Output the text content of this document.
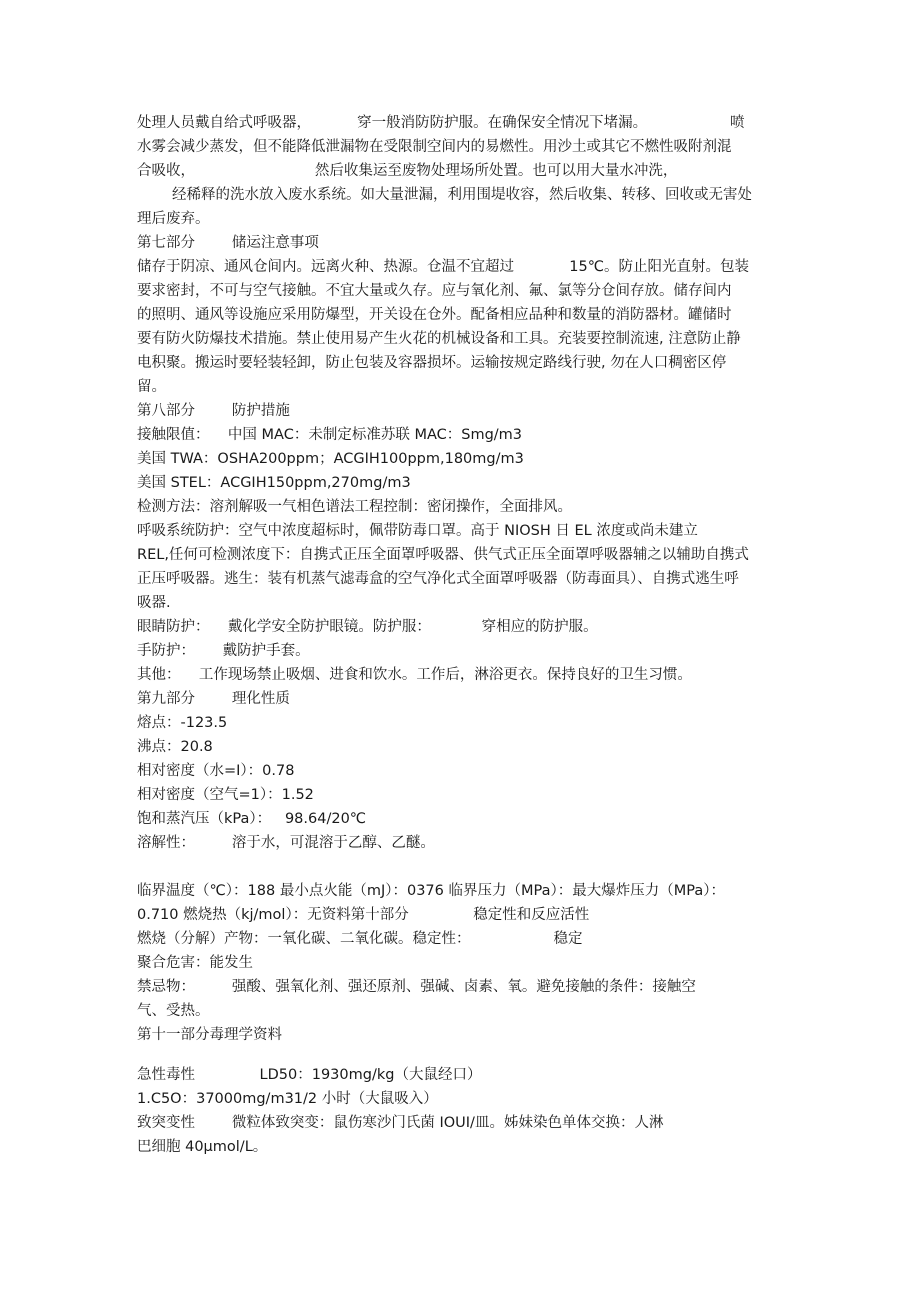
处理人员戴自给式呼吸器，          穿一般消防防护服。在确保安全情况下堵漏。                  喷
水雾会减少蒸发，但不能降低泄漏物在受限制空间内的易燃性。用沙土或其它不燃性吸附剂混
合吸收，                          然后收集运至废物处理场所处置。也可以用大量水冲洗，
经稀释的洗水放入废水系统。如大量泄漏，利用围堤收容，然后收集、转移、回收或无害处
理后废弃。
第七部分        储运注意事项
储存于阴凉、通风仓间内。远离火种、热源。仓温不宜超过            15℃。防止阳光直射。包装
要求密封，不可与空气接触。不宜大量或久存。应与氧化剂、氟、氯等分仓间存放。储存间内
的照明、通风等设施应采用防爆型，开关设在仓外。配备相应品种和数量的消防器材。罐储时
要有防火防爆技术措施。禁止使用易产生火花的机械设备和工具。充装要控制流速, 注意防止静
电积聚。搬运时要轻装轻卸，防止包装及容器损坏。运输按规定路线行驶, 勿在人口稠密区停
留。
第八部分        防护措施
接触限值：    中国 MAC：未制定标准苏联 MAC：Smg/m3
美国 TWA：OSHA200ppm；ACGIH100ppm,180mg/m3
美国 STEL：ACGIH150ppm,270mg/m3
检测方法：溶剂解吸一气相色谱法工程控制：密闭操作，全面排风。
呼吸系统防护：空气中浓度超标时，佩带防毒口罩。高于 NIOSH 日 EL 浓度或尚未建立
REL,任何可检测浓度下：自携式正压全面罩呼吸器、供气式正压全面罩呼吸器辅之以辅助自携式
正压呼吸器。逃生：装有机蒸气滤毒盒的空气净化式全面罩呼吸器（防毒面具）、自携式逃生呼
吸器.
眼睛防护：    戴化学安全防护眼镜。防护服：           穿相应的防护服。
手防护：      戴防护手套。
其他：    工作现场禁止吸烟、进食和饮水。工作后，淋浴更衣。保持良好的卫生习惯。
第九部分        理化性质
熔点：-123.5
沸点：20.8
相对密度（水=I）：0.78
相对密度（空气=1）：1.52
饱和蒸汽压（kPa）：   98.64/20℃
溶解性：        溶于水，可混溶于乙醇、乙醚。
临界温度（℃）：188 最小点火能（mJ）：0376 临界压力（MPa）：最大爆炸压力（MPa）：
0.710 燃烧热（kj∕mol）：无资料第十部分              稳定性和反应活性
燃烧（分解）产物：一氧化碳、二氧化碳。稳定性：                  稳定
聚合危害：能发生
禁忌物：        强酸、强氧化剂、强还原剂、强碱、卤素、氧。避免接触的条件：接触空
气、受热。
第十一部分毒理学资料
急性毒性              LD50：1930mg∕kg（大鼠经口）
1.C5O：37000mg/m31/2 小时（大鼠吸入）
致突变性        微粒体致突变：鼠伤寒沙门氏菌 IOUI/皿。姊妹染色单体交换：人淋
巴细胞 40μmol/L。
